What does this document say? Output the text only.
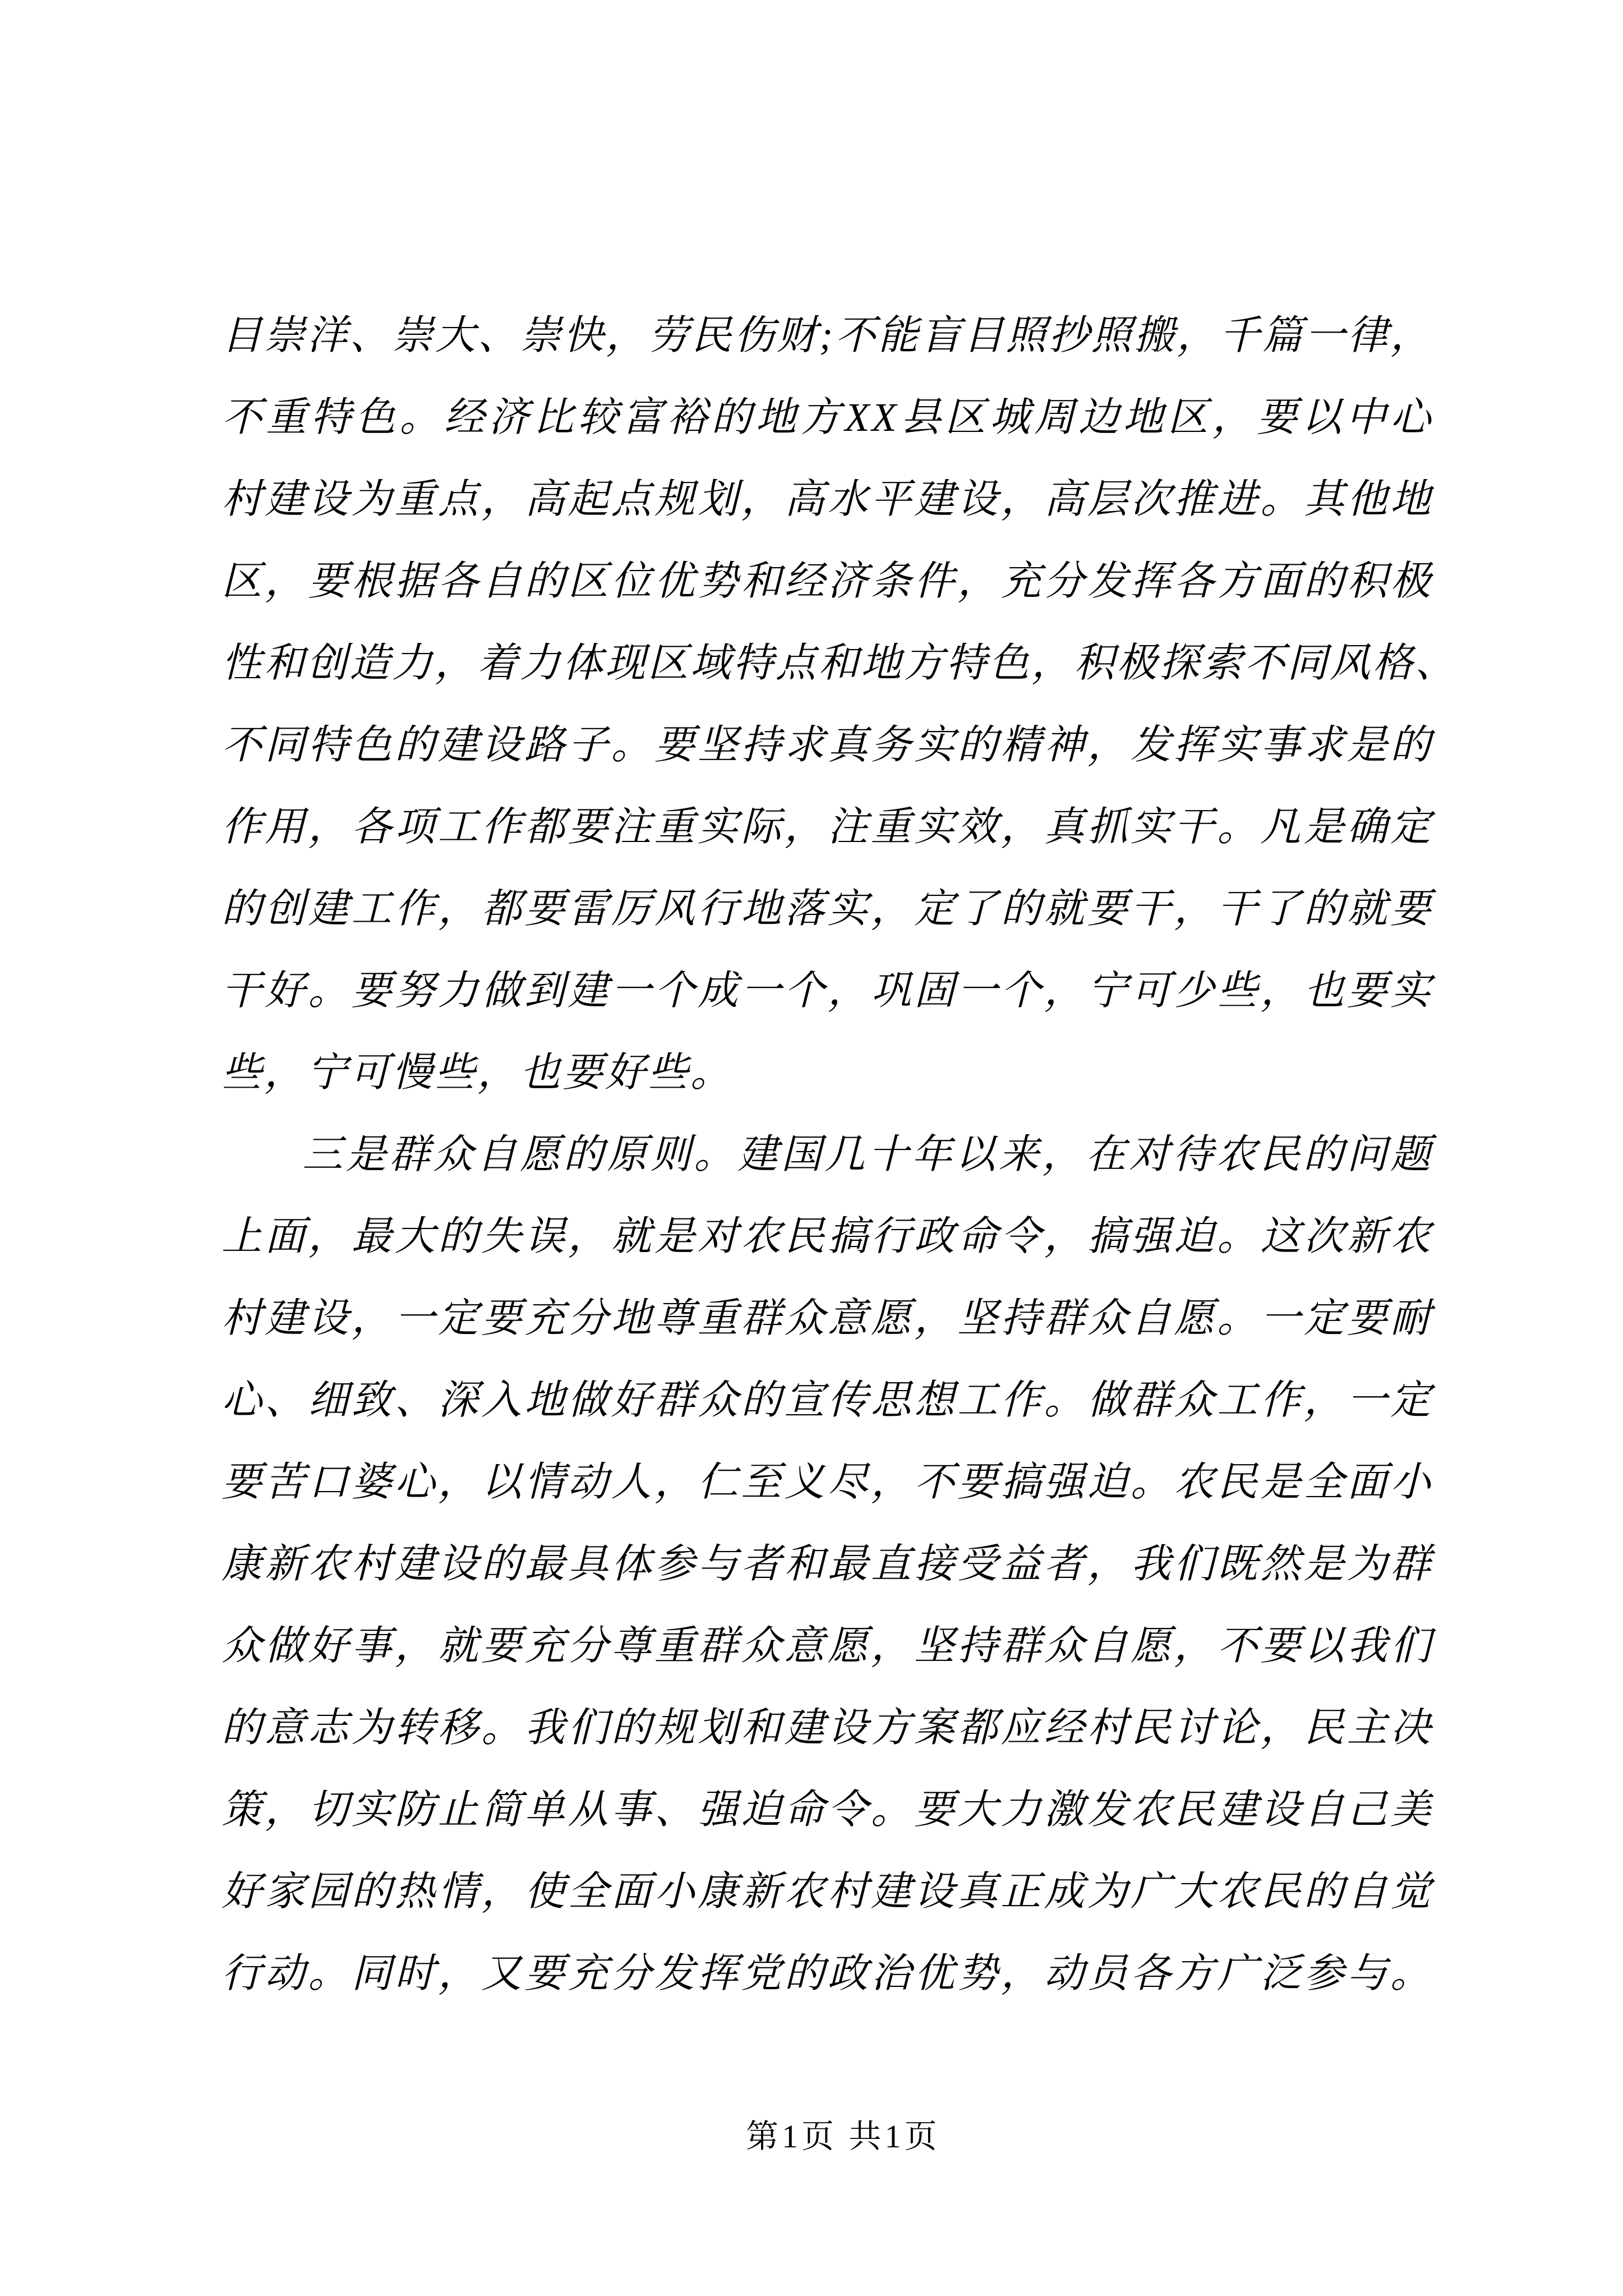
目崇洋、崇大、崇快，劳民伤财;不能盲目照抄照搬，千篇一律，
不重特色。经济比较富裕的地方XX县区城周边地区，要以中心
村建设为重点，高起点规划，高水平建设，高层次推进。其他地
区，要根据各自的区位优势和经济条件，充分发挥各方面的积极
性和创造力，着力体现区域特点和地方特色，积极探索不同风格、
不同特色的建设路子。要坚持求真务实的精神，发挥实事求是的
作用，各项工作都要注重实际，注重实效，真抓实干。凡是确定
的创建工作，都要雷厉风行地落实，定了的就要干，干了的就要
干好。要努力做到建一个成一个，巩固一个，宁可少些，也要实
些，宁可慢些，也要好些。
三是群众自愿的原则。建国几十年以来，在对待农民的问题
上面，最大的失误，就是对农民搞行政命令，搞强迫。这次新农
村建设，一定要充分地尊重群众意愿，坚持群众自愿。一定要耐
心、细致、深入地做好群众的宣传思想工作。做群众工作，一定
要苦口婆心，以情动人，仁至义尽，不要搞强迫。农民是全面小
康新农村建设的最具体参与者和最直接受益者，我们既然是为群
众做好事，就要充分尊重群众意愿，坚持群众自愿，不要以我们
的意志为转移。我们的规划和建设方案都应经村民讨论，民主决
策，切实防止简单从事、强迫命令。要大力激发农民建设自己美
好家园的热情，使全面小康新农村建设真正成为广大农民的自觉
行动。同时，又要充分发挥党的政治优势，动员各方广泛参与。
第1页 共1页
